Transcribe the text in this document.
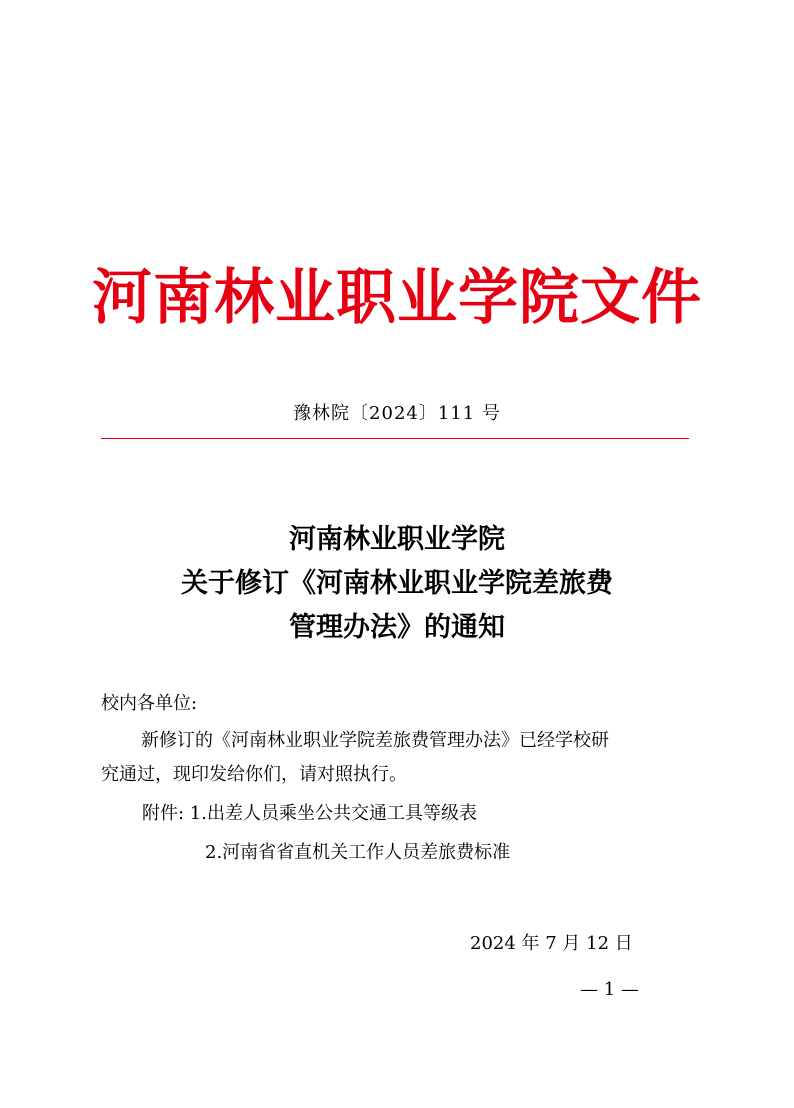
河南林业职业学院文件
豫林院〔2024〕111 号
河南林业职业学院
关于修订《河南林业职业学院差旅费
管理办法》的通知
校内各单位:
新修订的《河南林业职业学院差旅费管理办法》已经学校研
究通过，现印发给你们，请对照执行。
附件: 1.出差人员乘坐公共交通工具等级表
2.河南省省直机关工作人员差旅费标准
2024 年 7 月 12 日
— 1 —
